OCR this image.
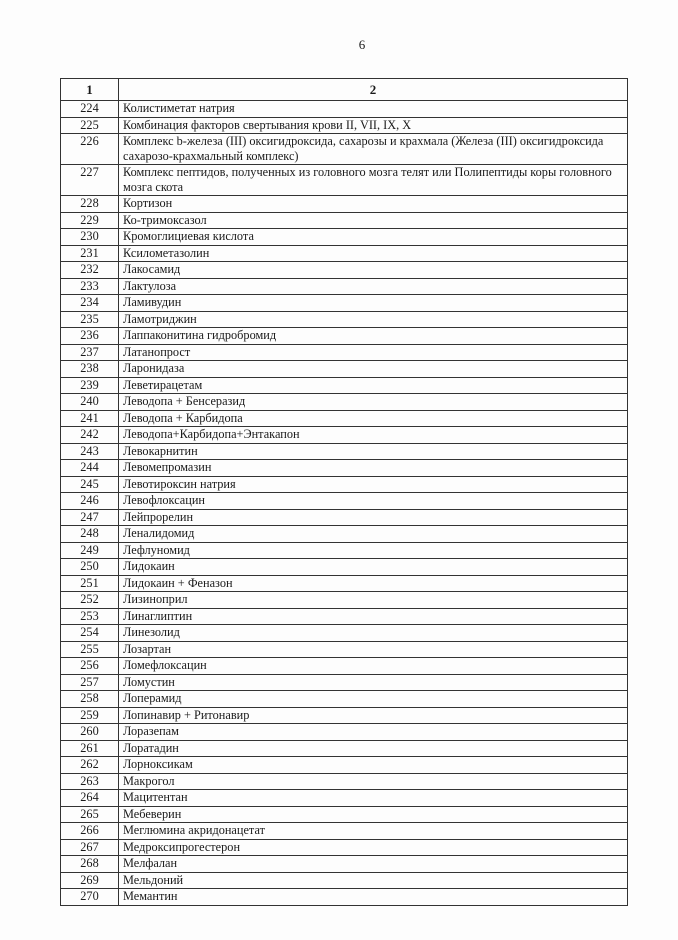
6
1	2
224	Колистиметат натрия
225	Комбинация факторов свертывания крови II, VII, IX, X
226	Комплекс b-железа (III) оксигидроксида, сахарозы и крахмала (Железа (III) оксигидроксида сахарозо-крахмальный комплекс)
227	Комплекс пептидов, полученных из головного мозга телят или Полипептиды коры головного мозга скота
228	Кортизон
229	Ко-тримоксазол
230	Кромоглициевая кислота
231	Ксилометазолин
232	Лакосамид
233	Лактулоза
234	Ламивудин
235	Ламотриджин
236	Лаппаконитина гидробромид
237	Латанопрост
238	Ларонидаза
239	Леветирацетам
240	Леводопа + Бенсеразид
241	Леводопа + Карбидопа
242	Леводопа+Карбидопа+Энтакапон
243	Левокарнитин
244	Левомепромазин
245	Левотироксин натрия
246	Левофлоксацин
247	Лейпрорелин
248	Леналидомид
249	Лефлуномид
250	Лидокаин
251	Лидокаин + Феназон
252	Лизиноприл
253	Линаглиптин
254	Линезолид
255	Лозартан
256	Ломефлоксацин
257	Ломустин
258	Лоперамид
259	Лопинавир + Ритонавир
260	Лоразепам
261	Лоратадин
262	Лорноксикам
263	Макрогол
264	Мацитентан
265	Мебеверин
266	Меглюмина акридонацетат
267	Медроксипрогестерон
268	Мелфалан
269	Мельдоний
270	Мемантин
